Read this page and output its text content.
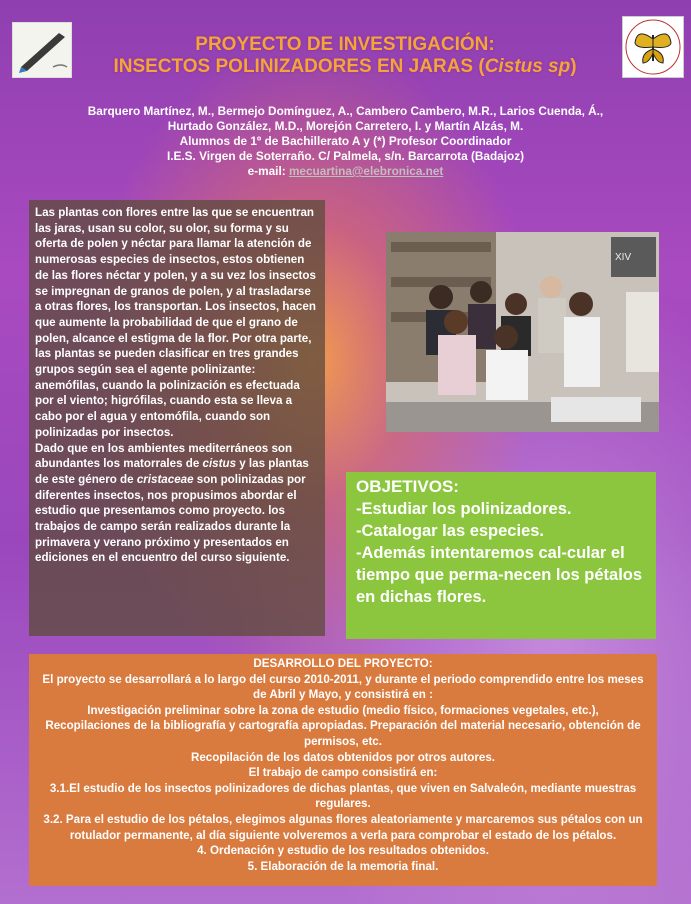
PROYECTO DE INVESTIGACIÓN:
INSECTOS POLINIZADORES EN JARAS (Cistus sp)
Barquero Martínez, M., Bermejo Domínguez, A., Cambero Cambero, M.R., Larios Cuenda, Á.,
Hurtado González, M.D., Morejón Carretero, I. y Martín Alzás, M.
Alumnos de 1º de Bachillerato A y (*) Profesor Coordinador
I.E.S. Virgen de Soterraño. C/ Palmela, s/n. Barcarrota (Badajoz)
e-mail: mecuartina@elebronica.net
Las plantas con flores entre las que se encuentran las jaras, usan su color, su olor, su forma y su oferta de polen y néctar para llamar la atención de numerosas especies de insectos, estos obtienen de las flores néctar y polen, y a su vez los insectos se impregnan de granos de polen, y al trasladarse a otras flores, los transportan. Los insectos, hacen que aumente la probabilidad de que el grano de polen, alcance el estigma de la flor. Por otra parte, las plantas se pueden clasificar en tres grandes grupos según sea el agente polinizante: anemófilas, cuando la polinización es efectuada por el viento; higrófilas, cuando esta se lleva a cabo por el agua y entomófila, cuando son polinizadas por insectos.
Dado que en los ambientes mediterráneos son abundantes los matorrales de cistus y las plantas de este género de cristaceae son polinizadas por diferentes insectos, nos propusimos abordar el estudio que presentamos como proyecto. los trabajos de campo serán realizados durante la primavera y verano próximo y presentados en ediciones en el encuentro del curso siguiente.
XIV
OBJETIVOS:
-Estudiar los polinizadores.
-Catalogar las especies.
-Además intentaremos cal-cular el tiempo que perma-necen los pétalos en dichas flores.
DESARROLLO DEL PROYECTO:
El proyecto se desarrollará a lo largo del curso 2010-2011, y durante el periodo comprendido entre los meses de Abril y Mayo, y consistirá en :
Investigación preliminar sobre la zona de estudio (medio físico, formaciones vegetales, etc.),
Recopilaciones de la bibliografía y cartografía apropiadas. Preparación del material necesario, obtención de permisos, etc.
Recopilación de los datos obtenidos por otros autores.
El trabajo de campo consistirá en:
3.1.El estudio de los insectos polinizadores de dichas plantas, que viven en Salvaleón, mediante muestras regulares.
3.2. Para el estudio de los pétalos, elegimos algunas flores aleatoriamente y marcaremos sus pétalos con un rotulador permanente, al día siguiente volveremos a verla para comprobar el estado de los pétalos.
4. Ordenación y estudio de los resultados obtenidos.
5. Elaboración de la memoria final.
